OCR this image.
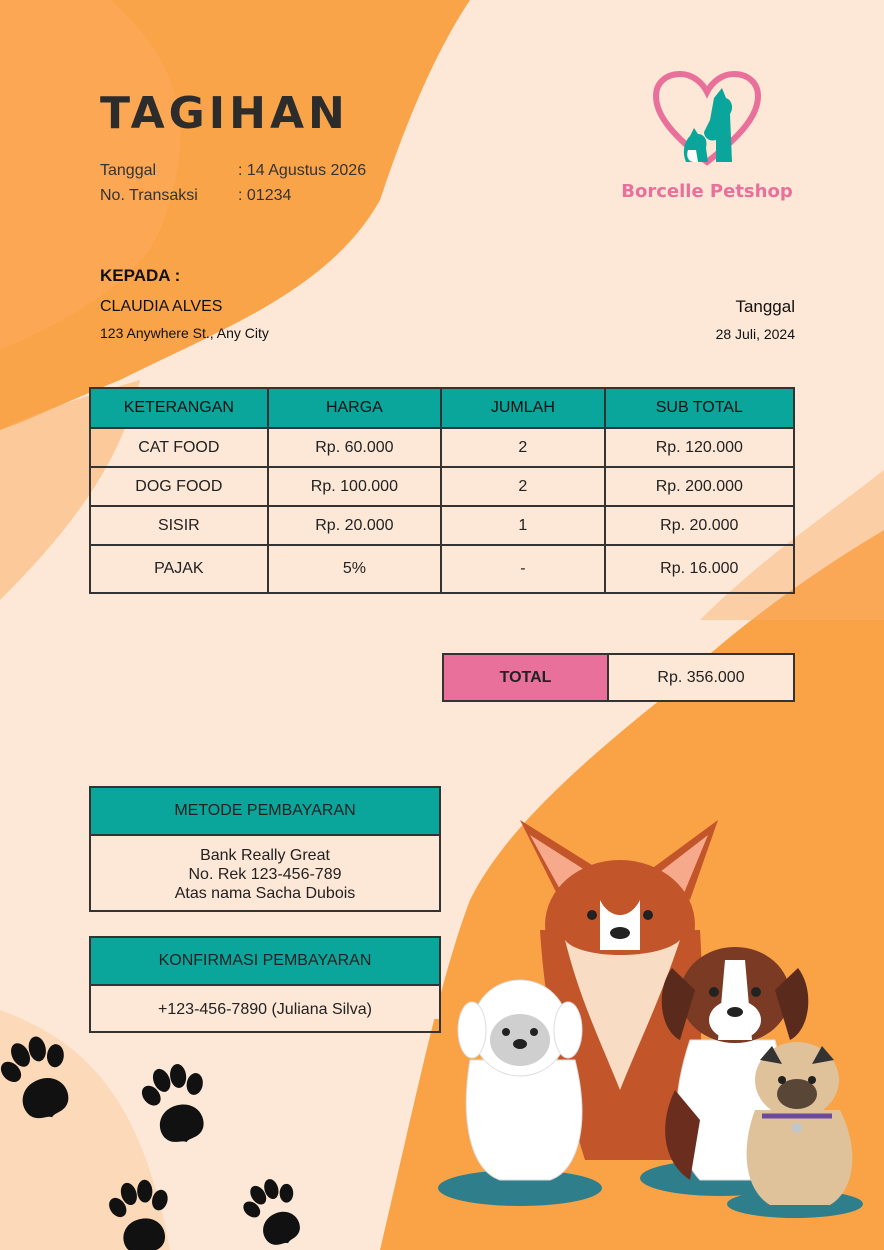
TAGIHAN
Tanggal	: 14 Agustus 2026
No. Transaksi	: 01234	Borcelle Petshop
KEPADA :
CLAUDIA ALVES
123 Anywhere St., Any City
Tanggal
28 Juli, 2024
KETERANGAN	HARGA	JUMLAH	SUB TOTAL
CAT FOOD	Rp. 60.000	2	Rp. 120.000
DOG FOOD	Rp. 100.000	2	Rp. 200.000
SISIR	Rp. 20.000	1	Rp. 20.000
PAJAK	5%	-	Rp. 16.000
TOTAL	Rp. 356.000
METODE PEMBAYARAN
Bank Really Great
No. Rek 123-456-789
Atas nama Sacha Dubois
KONFIRMASI PEMBAYARAN
+123-456-7890 (Juliana Silva)
